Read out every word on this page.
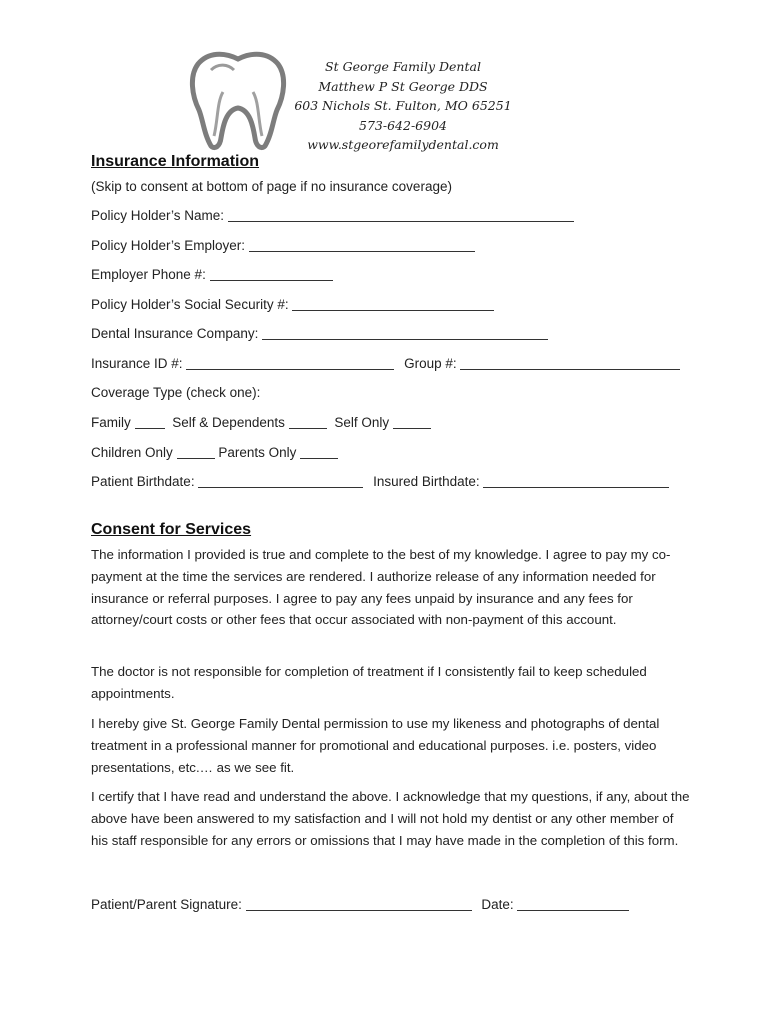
St George Family Dental
Matthew P St George DDS
603 Nichols St. Fulton, MO 65251
573-642-6904
www.stgeorefamilydental.com
Insurance Information
(Skip to consent at bottom of page if no insurance coverage)
Policy Holder’s Name:
Policy Holder’s Employer:
Employer Phone #:
Policy Holder’s Social Security #:
Dental Insurance Company:
Insurance ID #:	Group #:
Coverage Type (check one):
Family	Self & Dependents	Self Only
Children Only	Parents Only
Patient Birthdate:	Insured Birthdate:
Consent for Services
The information I provided is true and complete to the best of my knowledge. I agree to pay my co-payment at the time the services are rendered. I authorize release of any information needed for insurance or referral purposes. I agree to pay any fees unpaid by insurance and any fees for attorney/court costs or other fees that occur associated with non-payment of this account.
The doctor is not responsible for completion of treatment if I consistently fail to keep scheduled appointments.
I hereby give St. George Family Dental permission to use my likeness and photographs of dental treatment in a professional manner for promotional and educational purposes. i.e. posters, video presentations, etc.… as we see fit.
I certify that I have read and understand the above. I acknowledge that my questions, if any, about the above have been answered to my satisfaction and I will not hold my dentist or any other member of his staff responsible for any errors or omissions that I may have made in the completion of this form.
Patient/Parent Signature:	Date:
